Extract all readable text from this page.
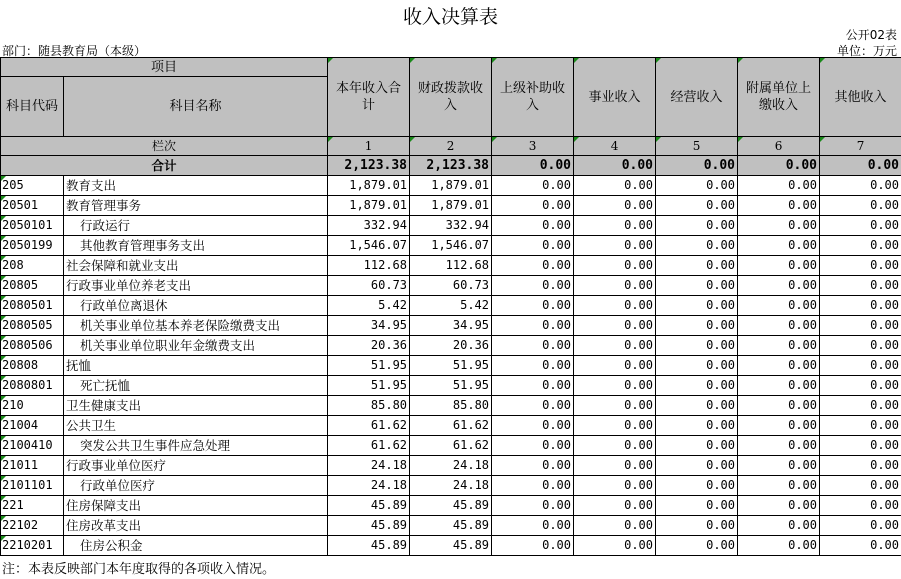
收入决算表
公开02表
部门：随县教育局（本级）	单位：万元
项目		本年收入合计	财政拨款收入	上级补助收入	事业收入	经营收入	附属单位上缴收入	其他收入
科目代码	科目名称							
栏次		1	2	3	4	5	6	7
合计		2,123.38	2,123.38	0.00	0.00	0.00	0.00	0.00
205	教育支出	1,879.01	1,879.01	0.00	0.00	0.00	0.00	0.00
20501	教育管理事务	1,879.01	1,879.01	0.00	0.00	0.00	0.00	0.00
2050101	行政运行	332.94	332.94	0.00	0.00	0.00	0.00	0.00
2050199	其他教育管理事务支出	1,546.07	1,546.07	0.00	0.00	0.00	0.00	0.00
208	社会保障和就业支出	112.68	112.68	0.00	0.00	0.00	0.00	0.00
20805	行政事业单位养老支出	60.73	60.73	0.00	0.00	0.00	0.00	0.00
2080501	行政单位离退休	5.42	5.42	0.00	0.00	0.00	0.00	0.00
2080505	机关事业单位基本养老保险缴费支出	34.95	34.95	0.00	0.00	0.00	0.00	0.00
2080506	机关事业单位职业年金缴费支出	20.36	20.36	0.00	0.00	0.00	0.00	0.00
20808	抚恤	51.95	51.95	0.00	0.00	0.00	0.00	0.00
2080801	死亡抚恤	51.95	51.95	0.00	0.00	0.00	0.00	0.00
210	卫生健康支出	85.80	85.80	0.00	0.00	0.00	0.00	0.00
21004	公共卫生	61.62	61.62	0.00	0.00	0.00	0.00	0.00
2100410	突发公共卫生事件应急处理	61.62	61.62	0.00	0.00	0.00	0.00	0.00
21011	行政事业单位医疗	24.18	24.18	0.00	0.00	0.00	0.00	0.00
2101101	行政单位医疗	24.18	24.18	0.00	0.00	0.00	0.00	0.00
221	住房保障支出	45.89	45.89	0.00	0.00	0.00	0.00	0.00
22102	住房改革支出	45.89	45.89	0.00	0.00	0.00	0.00	0.00
2210201	住房公积金	45.89	45.89	0.00	0.00	0.00	0.00	0.00
注：本表反映部门本年度取得的各项收入情况。
